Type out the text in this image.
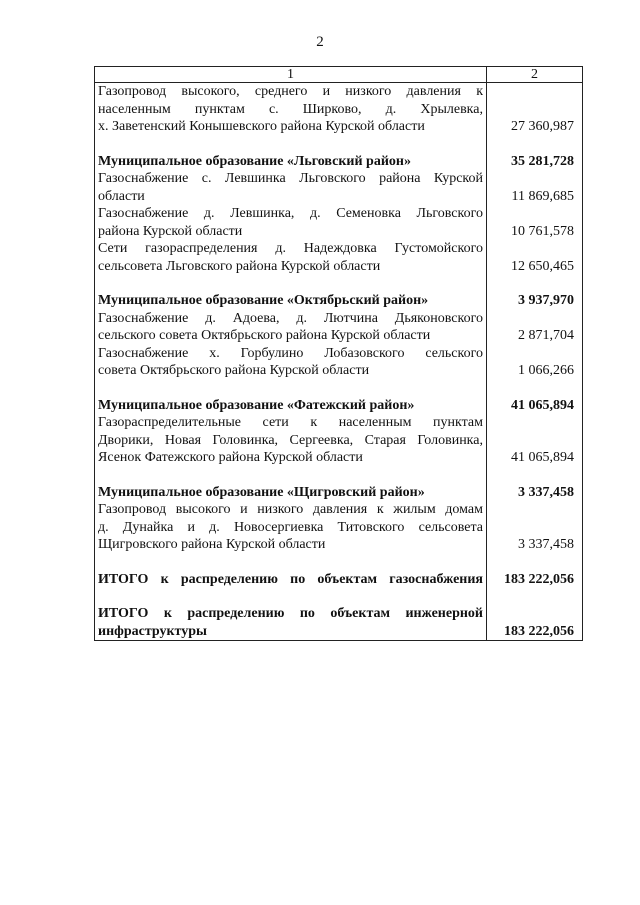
2
1	2

Газопровод высокого, среднего и низкого давления к
населенным пунктам с. Ширково, д. Хрылевка,
х. Заветенский Конышевского района Курской области	27 360,987

Муниципальное образование «Льговский район»	35 281,728

Газоснабжение с. Левшинка Льговского района Курской
области	11 869,685

Газоснабжение д. Левшинка, д. Семеновка Льговского
района Курской области	10 761,578

Сети газораспределения д. Надеждовка Густомойского
сельсовета Льговского района Курской области	12 650,465

Муниципальное образование «Октябрьский район»	3 937,970

Газоснабжение д. Адоева, д. Лютчина Дьяконовского
сельского совета Октябрьского района Курской области	2 871,704

Газоснабжение х. Горбулино Лобазовского сельского
совета Октябрьского района Курской области	1 066,266

Муниципальное образование «Фатежский район»	41 065,894

Газораспределительные сети к населенным пунктам
Дворики, Новая Головинка, Сергеевка, Старая Головинка,
Ясенок Фатежского района Курской области	41 065,894

Муниципальное образование «Щигровский район»	3 337,458

Газопровод высокого и низкого давления к жилым домам
д. Дунайка и д. Новосергиевка Титовского сельсовета
Щигровского района Курской области	3 337,458

ИТОГО к распределению по объектам газоснабжения	183 222,056

ИТОГО к распределению по объектам инженерной
инфраструктуры	183 222,056
